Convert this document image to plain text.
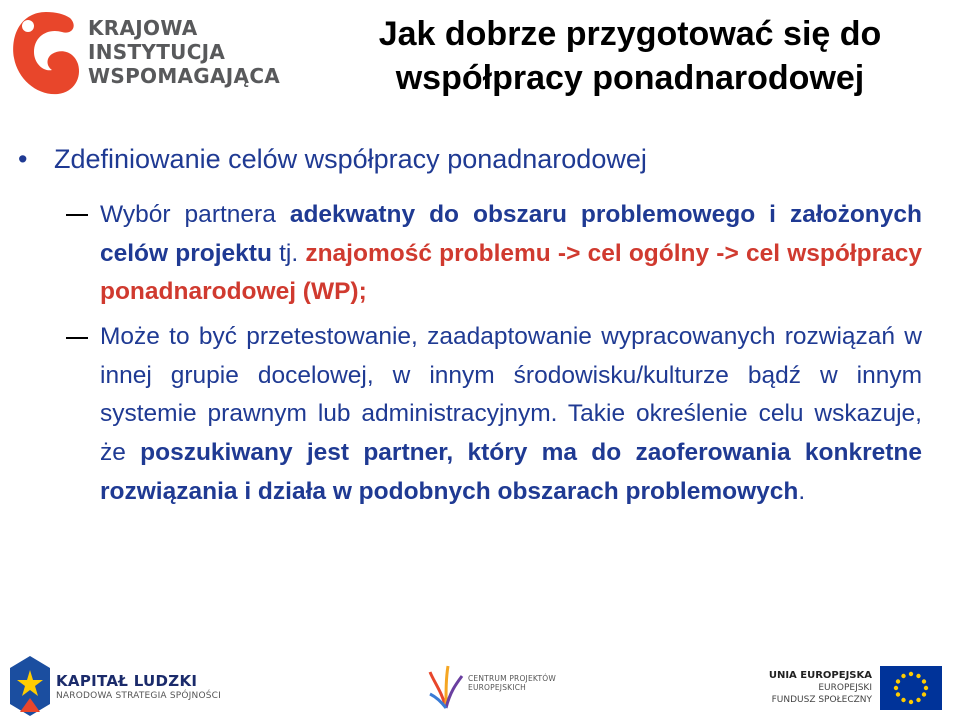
KRAJOWA
INSTYTUCJA
WSPOMAGAJĄCA
Jak dobrze przygotować się do
współpracy ponadnarodowej
• Zdefiniowanie celów współpracy ponadnarodowej
Wybór partnera adekwatny do obszaru problemowego i założonych celów projektu tj. znajomość problemu -> cel ogólny -> cel współpracy ponadnarodowej (WP);
Może to być przetestowanie, zaadaptowanie wypracowanych rozwiązań w innej grupie docelowej, w innym środowisku/kulturze bądź w innym systemie prawnym lub administracyjnym. Takie określenie celu wskazuje, że poszukiwany jest partner, który ma do zaoferowania konkretne rozwiązania i działa w podobnych obszarach problemowych.
KAPITAŁ LUDZKI
NARODOWA STRATEGIA SPÓJNOŚCI
CENTRUM PROJEKTÓW
EUROPEJSKICH
UNIA EUROPEJSKA
EUROPEJSKI
FUNDUSZ SPOŁECZNY
